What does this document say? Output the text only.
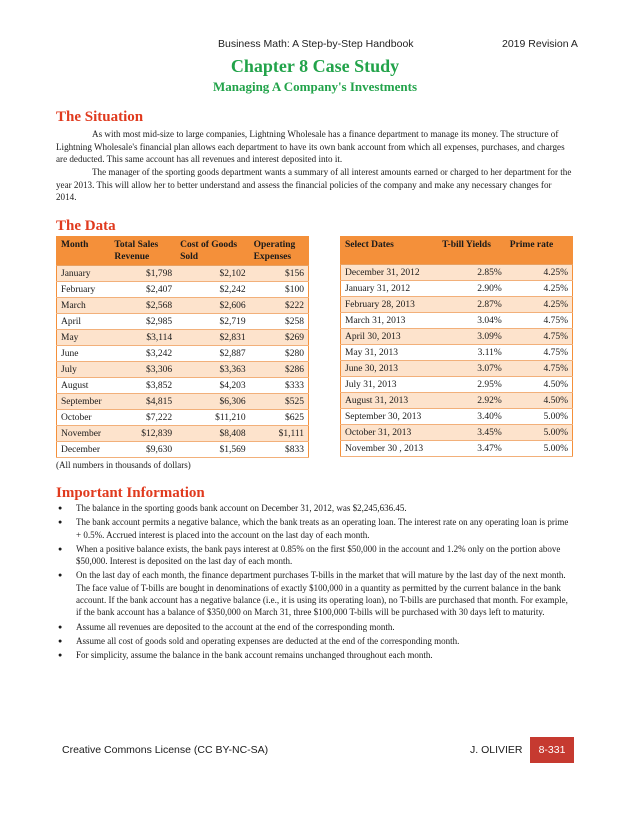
Business Math: A Step-by-Step Handbook	2019 Revision A
Chapter 8 Case Study
Managing A Company's Investments
The Situation

As with most mid-size to large companies, Lightning Wholesale has a finance department to manage its money. The structure of Lightning Wholesale's financial plan allows each department to have its own bank account from which all expenses, purchases, and charges are deducted. This same account has all revenues and interest deposited into it.

The manager of the sporting goods department wants a summary of all interest amounts earned or charged to her department for the year 2013. This will allow her to better understand and assess the financial policies of the company and make any necessary changes for 2014.

The Data
Month	Total Sales Revenue	Cost of Goods Sold	Operating Expenses
January	$1,798	$2,102	$156
February	$2,407	$2,242	$100
March	$2,568	$2,606	$222
April	$2,985	$2,719	$258
May	$3,114	$2,831	$269
June	$3,242	$2,887	$280
July	$3,306	$3,363	$286
August	$3,852	$4,203	$333
September	$4,815	$6,306	$525
October	$7,222	$11,210	$625
November	$12,839	$8,408	$1,111
December	$9,630	$1,569	$833
Select Dates	T-bill Yields	Prime rate
December 31, 2012	2.85%	4.25%
January 31, 2012	2.90%	4.25%
February 28, 2013	2.87%	4.25%
March 31, 2013	3.04%	4.75%
April 30, 2013	3.09%	4.75%
May 31, 2013	3.11%	4.75%
June 30, 2013	3.07%	4.75%
July 31, 2013	2.95%	4.50%
August 31, 2013	2.92%	4.50%
September 30, 2013	3.40%	5.00%
October 31, 2013	3.45%	5.00%
November 30 , 2013	3.47%	5.00%
(All numbers in thousands of dollars)
Important Information
● The balance in the sporting goods bank account on December 31, 2012, was $2,245,636.45.
● The bank account permits a negative balance, which the bank treats as an operating loan. The interest rate on any operating loan is prime + 0.5%. Accrued interest is placed into the account on the last day of each month.
● When a positive balance exists, the bank pays interest at 0.85% on the first $50,000 in the account and 1.2% only on the portion above $50,000. Interest is deposited on the last day of each month.
● On the last day of each month, the finance department purchases T-bills in the market that will mature by the last day of the next month. The face value of T-bills are bought in denominations of exactly $100,000 in a quantity as permitted by the current balance in the bank account. If the bank account has a negative balance (i.e., it is using its operating loan), no T-bills are purchased that month. For example, if the bank account has a balance of $350,000 on March 31, three $100,000 T-bills will be purchased with 30 days left to maturity.
● Assume all revenues are deposited to the account at the end of the corresponding month.
● Assume all cost of goods sold and operating expenses are deducted at the end of the corresponding month.
● For simplicity, assume the balance in the bank account remains unchanged throughout each month.
Creative Commons License (CC BY-NC-SA)	J. OLIVIER	8-331
